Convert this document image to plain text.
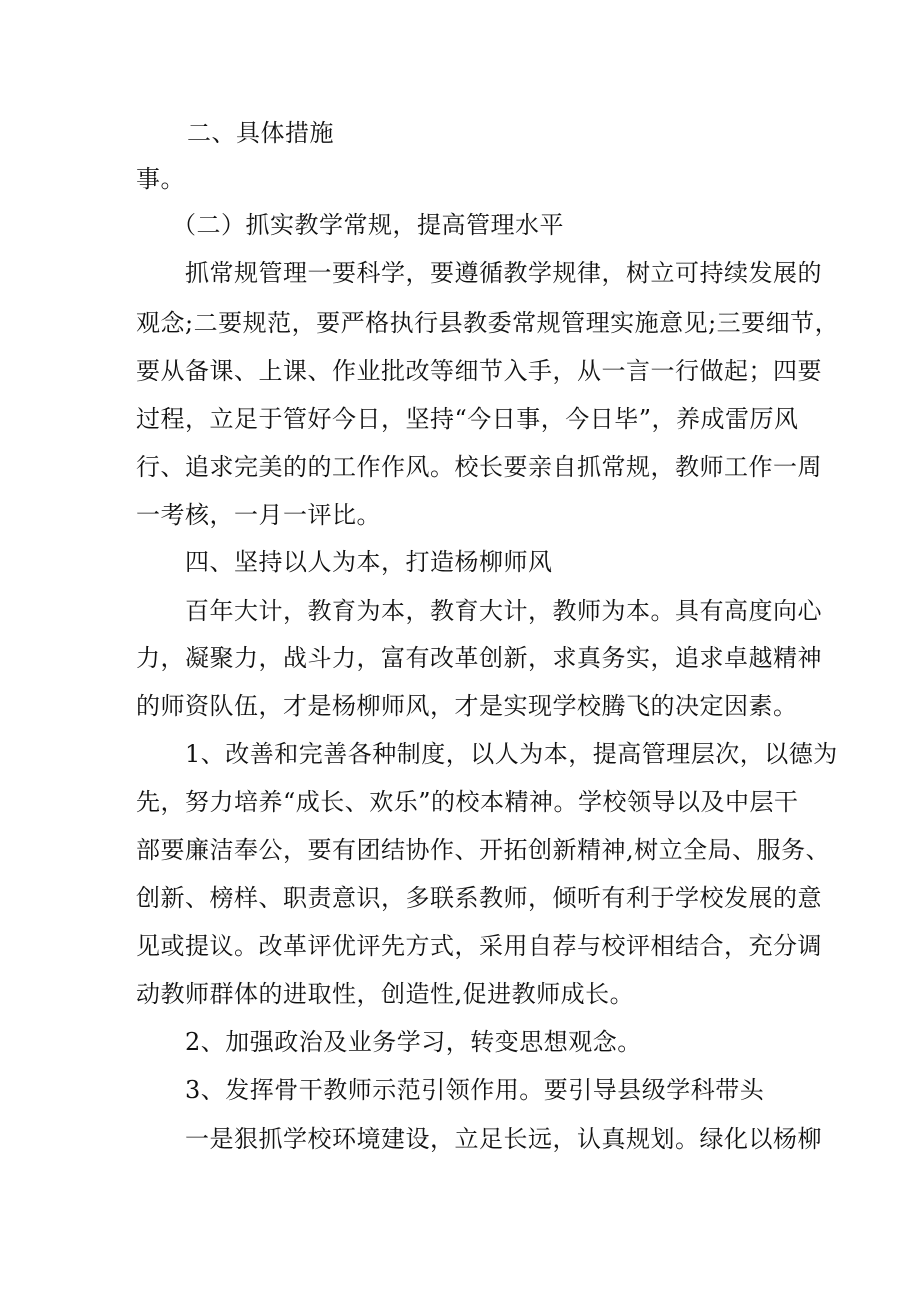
二、具体措施
事。
（二）抓实教学常规，提高管理水平
抓常规管理一要科学，要遵循教学规律，树立可持续发展的
观念;二要规范，要严格执行县教委常规管理实施意见;三要细节，
要从备课、上课、作业批改等细节入手，从一言一行做起；四要
过程，立足于管好今日，坚持“今日事，今日毕”，养成雷厉风
行、追求完美的的工作作风。校长要亲自抓常规，教师工作一周
一考核，一月一评比。
四、坚持以人为本，打造杨柳师风
百年大计，教育为本，教育大计，教师为本。具有高度向心
力，凝聚力，战斗力，富有改革创新，求真务实，追求卓越精神
的师资队伍，才是杨柳师风，才是实现学校腾飞的决定因素。
1、改善和完善各种制度，以人为本，提高管理层次，以德为
先，努力培养“成长、欢乐”的校本精神。学校领导以及中层干
部要廉洁奉公，要有团结协作、开拓创新精神,树立全局、服务、
创新、榜样、职责意识，多联系教师，倾听有利于学校发展的意
见或提议。改革评优评先方式，采用自荐与校评相结合，充分调
动教师群体的进取性，创造性,促进教师成长。
2、加强政治及业务学习，转变思想观念。
3、发挥骨干教师示范引领作用。要引导县级学科带头
一是狠抓学校环境建设，立足长远，认真规划。绿化以杨柳
